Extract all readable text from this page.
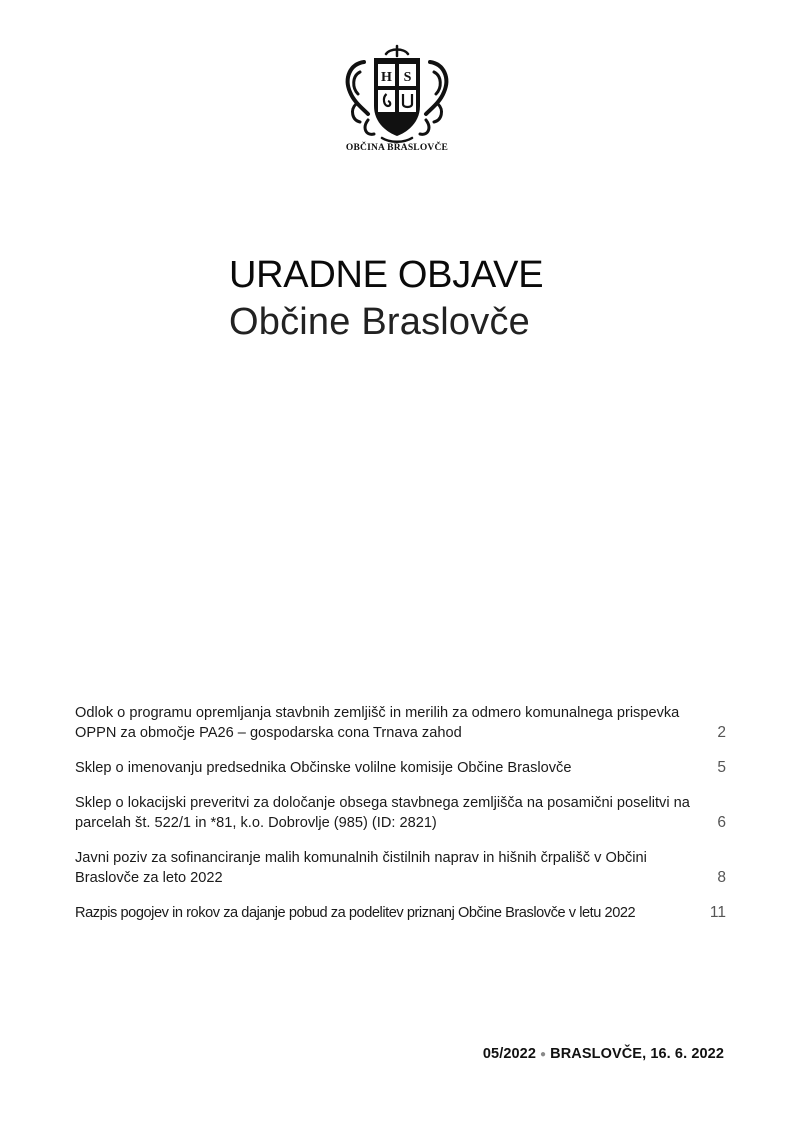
H S
OBČINA BRASLOVČE
URADNE OBJAVE
Občine Braslovče
Odlok o programu opremljanja stavbnih zemljišč in merilih za odmero komunalnega prispevka OPPN za območje PA26 – gospodarska cona Trnava zahod	2
Sklep o imenovanju predsednika Občinske volilne komisije Občine Braslovče	5
Sklep o lokacijski preveritvi za določanje obsega stavbnega zemljišča na posamični poselitvi na parcelah št. 522/1 in *81, k.o. Dobrovlje (985) (ID: 2821)	6
Javni poziv za sofinanciranje malih komunalnih čistilnih naprav in hišnih črpališč v Občini Braslovče za leto 2022	8
Razpis pogojev in rokov za dajanje pobud za podelitev priznanj Občine Braslovče v letu 2022	11
05/2022 ● BRASLOVČE, 16. 6. 2022
